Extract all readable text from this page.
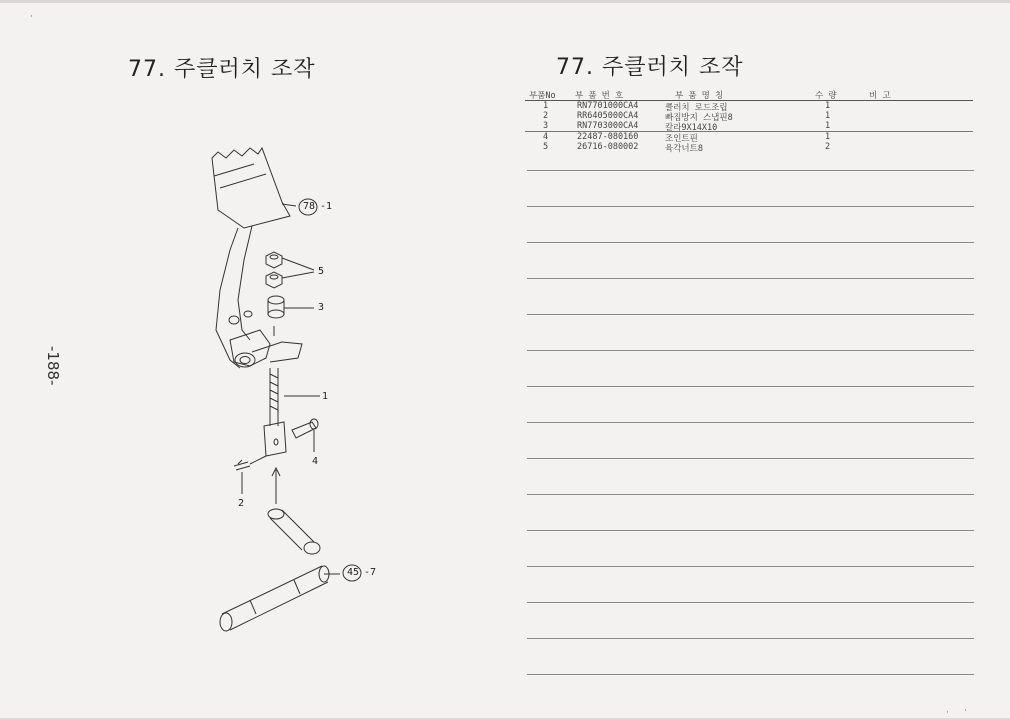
77. 주클러치 조작	77. 주클러치 조작
-188-
78 -1
5
3
1
4
2
45 -7
부품No 부 품 번 호	부 품 명 칭	수 량	비 고
1	RN7701000CA4	클러치 로드조립	1
2	RR6405000CA4	빠짐방지 스냅핀8	1
3	RN7703000CA4	칼라9X14X10	1
4	22487-080160	조인트핀	1
5	26716-080002	육각너트8	2
·
· ·
